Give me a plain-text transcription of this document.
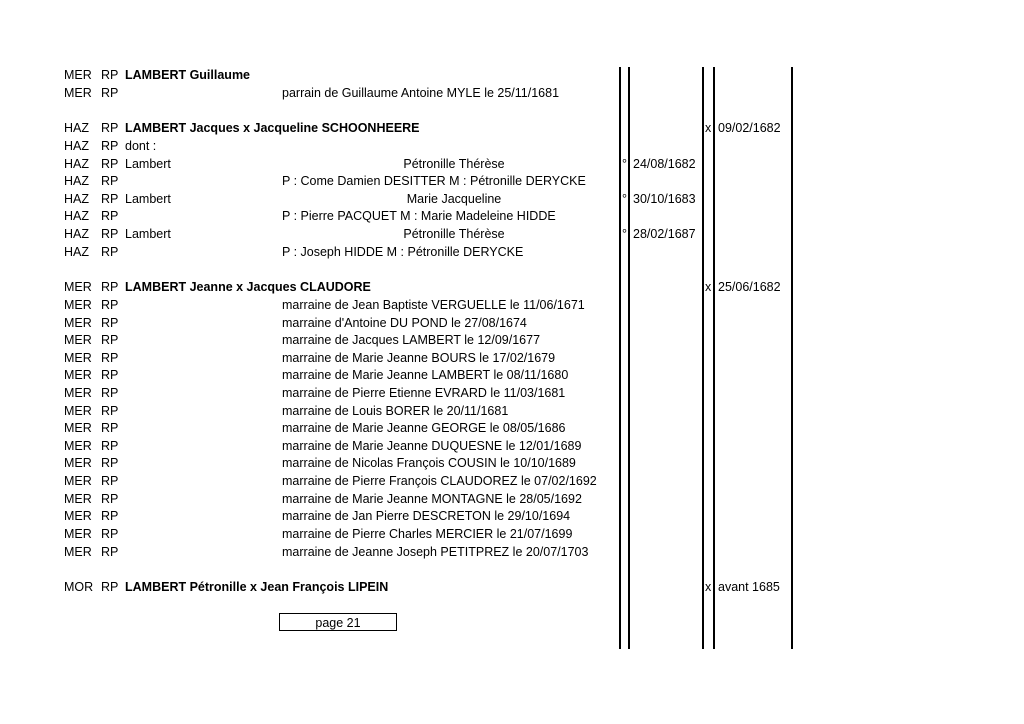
MER RP LAMBERT Guillaume
MER RP	parrain de Guillaume Antoine MYLE le 25/11/1681
HAZ RP LAMBERT Jacques x Jacqueline SCHOONHEERE	x 09/02/1682
HAZ RP dont :
HAZ RP Lambert	Pétronille Thérèse	° 24/08/1682
HAZ RP	P : Come Damien DESITTER M : Pétronille DERYCKE
HAZ RP Lambert	Marie Jacqueline	° 30/10/1683
HAZ RP	P : Pierre PACQUET M : Marie Madeleine HIDDE
HAZ RP Lambert	Pétronille Thérèse	° 28/02/1687
HAZ RP	P : Joseph HIDDE M : Pétronille DERYCKE
MER RP LAMBERT Jeanne x Jacques CLAUDORE	x 25/06/1682
MER RP	marraine de Jean Baptiste VERGUELLE le 11/06/1671
MER RP	marraine d'Antoine DU POND le 27/08/1674
MER RP	marraine de Jacques LAMBERT le 12/09/1677
MER RP	marraine de Marie Jeanne BOURS le 17/02/1679
MER RP	marraine de Marie Jeanne LAMBERT le 08/11/1680
MER RP	marraine de Pierre Etienne EVRARD le 11/03/1681
MER RP	marraine de Louis BORER le 20/11/1681
MER RP	marraine de Marie Jeanne GEORGE le 08/05/1686
MER RP	marraine de Marie Jeanne DUQUESNE le 12/01/1689
MER RP	marraine de Nicolas François COUSIN le 10/10/1689
MER RP	marraine de Pierre François CLAUDOREZ le 07/02/1692
MER RP	marraine de Marie Jeanne MONTAGNE le 28/05/1692
MER RP	marraine de Jan Pierre DESCRETON le 29/10/1694
MER RP	marraine de Pierre Charles MERCIER le 21/07/1699
MER RP	marraine de Jeanne Joseph PETITPREZ le 20/07/1703
MOR RP LAMBERT Pétronille x Jean François LIPEIN	x avant 1685
page 21
